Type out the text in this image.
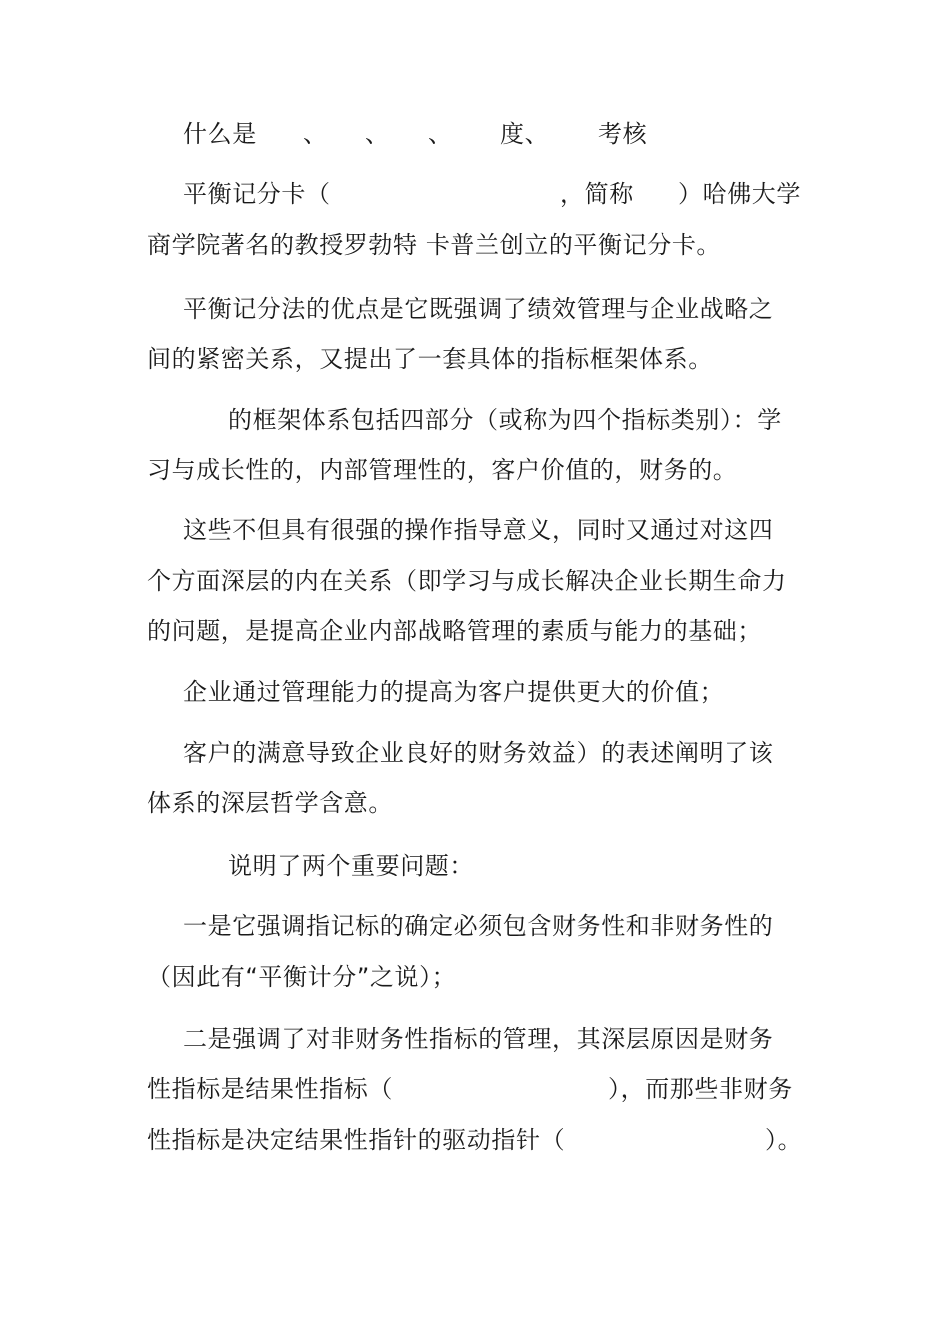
什么是

、

、

、

度、

考核

平衡记分卡（

	，简称

）哈佛大学

商学院著名的教授罗勃特 卡普兰创立的平衡记分卡。
平衡记分法的优点是它既强调了绩效管理与企业战略之
间的紧密关系，又提出了一套具体的指标框架体系。
的框架体系包括四部分（或称为四个指标类别）：学
习与成长性的，内部管理性的，客户价值的，财务的。
这些不但具有很强的操作指导意义，同时又通过对这四
个方面深层的内在关系（即学习与成长解决企业长期生命力
的问题，是提高企业内部战略管理的素质与能力的基础；
企业通过管理能力的提高为客户提供更大的价值；
客户的满意导致企业良好的财务效益）的表述阐明了该
体系的深层哲学含意。
说明了两个重要问题：
一是它强调指记标的确定必须包含财务性和非财务性的
（因此有“平衡计分”之说）；
二是强调了对非财务性指标的管理，其深层原因是财务

性指标是结果性指标（

	），而那些非财务

性指标是决定结果性指针的驱动指针（

	）。
